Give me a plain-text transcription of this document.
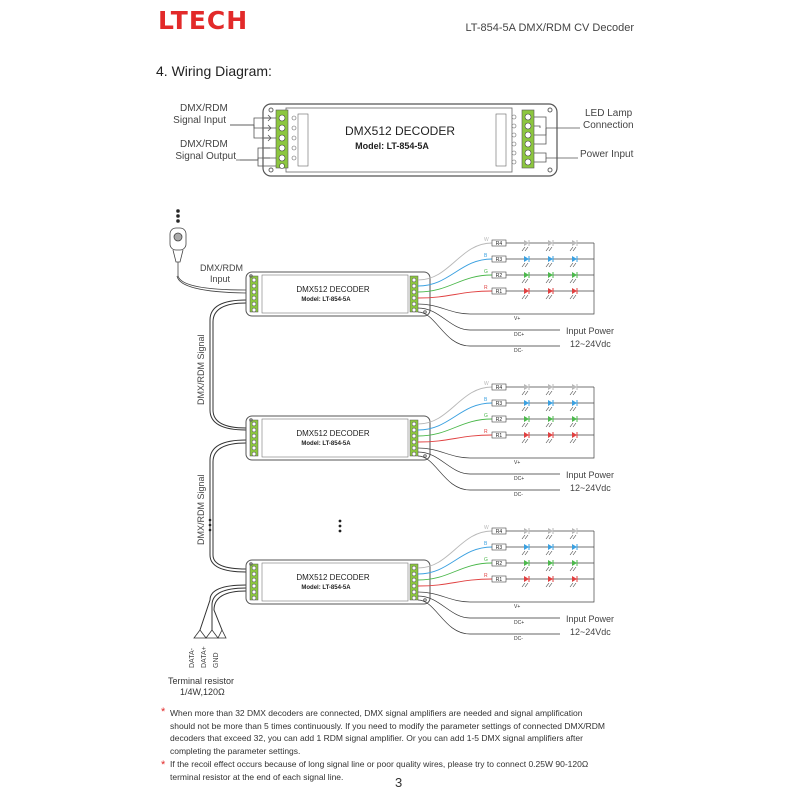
LTECH	LT-854-5A DMX/RDM CV Decoder
4. Wiring Diagram:
DMX/RDM
Signal Input
DMX/RDM
Signal Output
LED Lamp
Connection
Power Input
DMX512 DECODER
Model: LT-854-5A
DMX/RDM
Input
DMX/RDM Signal
DMX/RDM Signal
DATA- DATA+ GND
Terminal resistor
1/4W,120Ω
DMX512 DECODER
Model: LT-854-5A
W
R4
B
R3
G
R2
R
R1
V+
DC+
DC-
Input Power
12~24Vdc
DMX512 DECODER
Model: LT-854-5A
W
R4
B
R3
G
R2
R
R1
V+
DC+
DC-
Input Power
12~24Vdc
DMX512 DECODER
Model: LT-854-5A
W
R4
B
R3
G
R2
R
R1
V+
DC+
DC-
Input Power
12~24Vdc
* When more than 32 DMX decoders are connected, DMX signal amplifiers are needed and signal amplification
should not be more than 5 times continuously. If you need to modify the parameter settings of connected DMX/RDM
decoders that exceed 32, you can add 1 RDM signal amplifier. Or you can add 1-5 DMX signal amplifiers after
completing the parameter settings.
* If the recoil effect occurs because of long signal line or poor quality wires, please try to connect 0.25W 90-120Ω
terminal resistor at the end of each signal line.	3
